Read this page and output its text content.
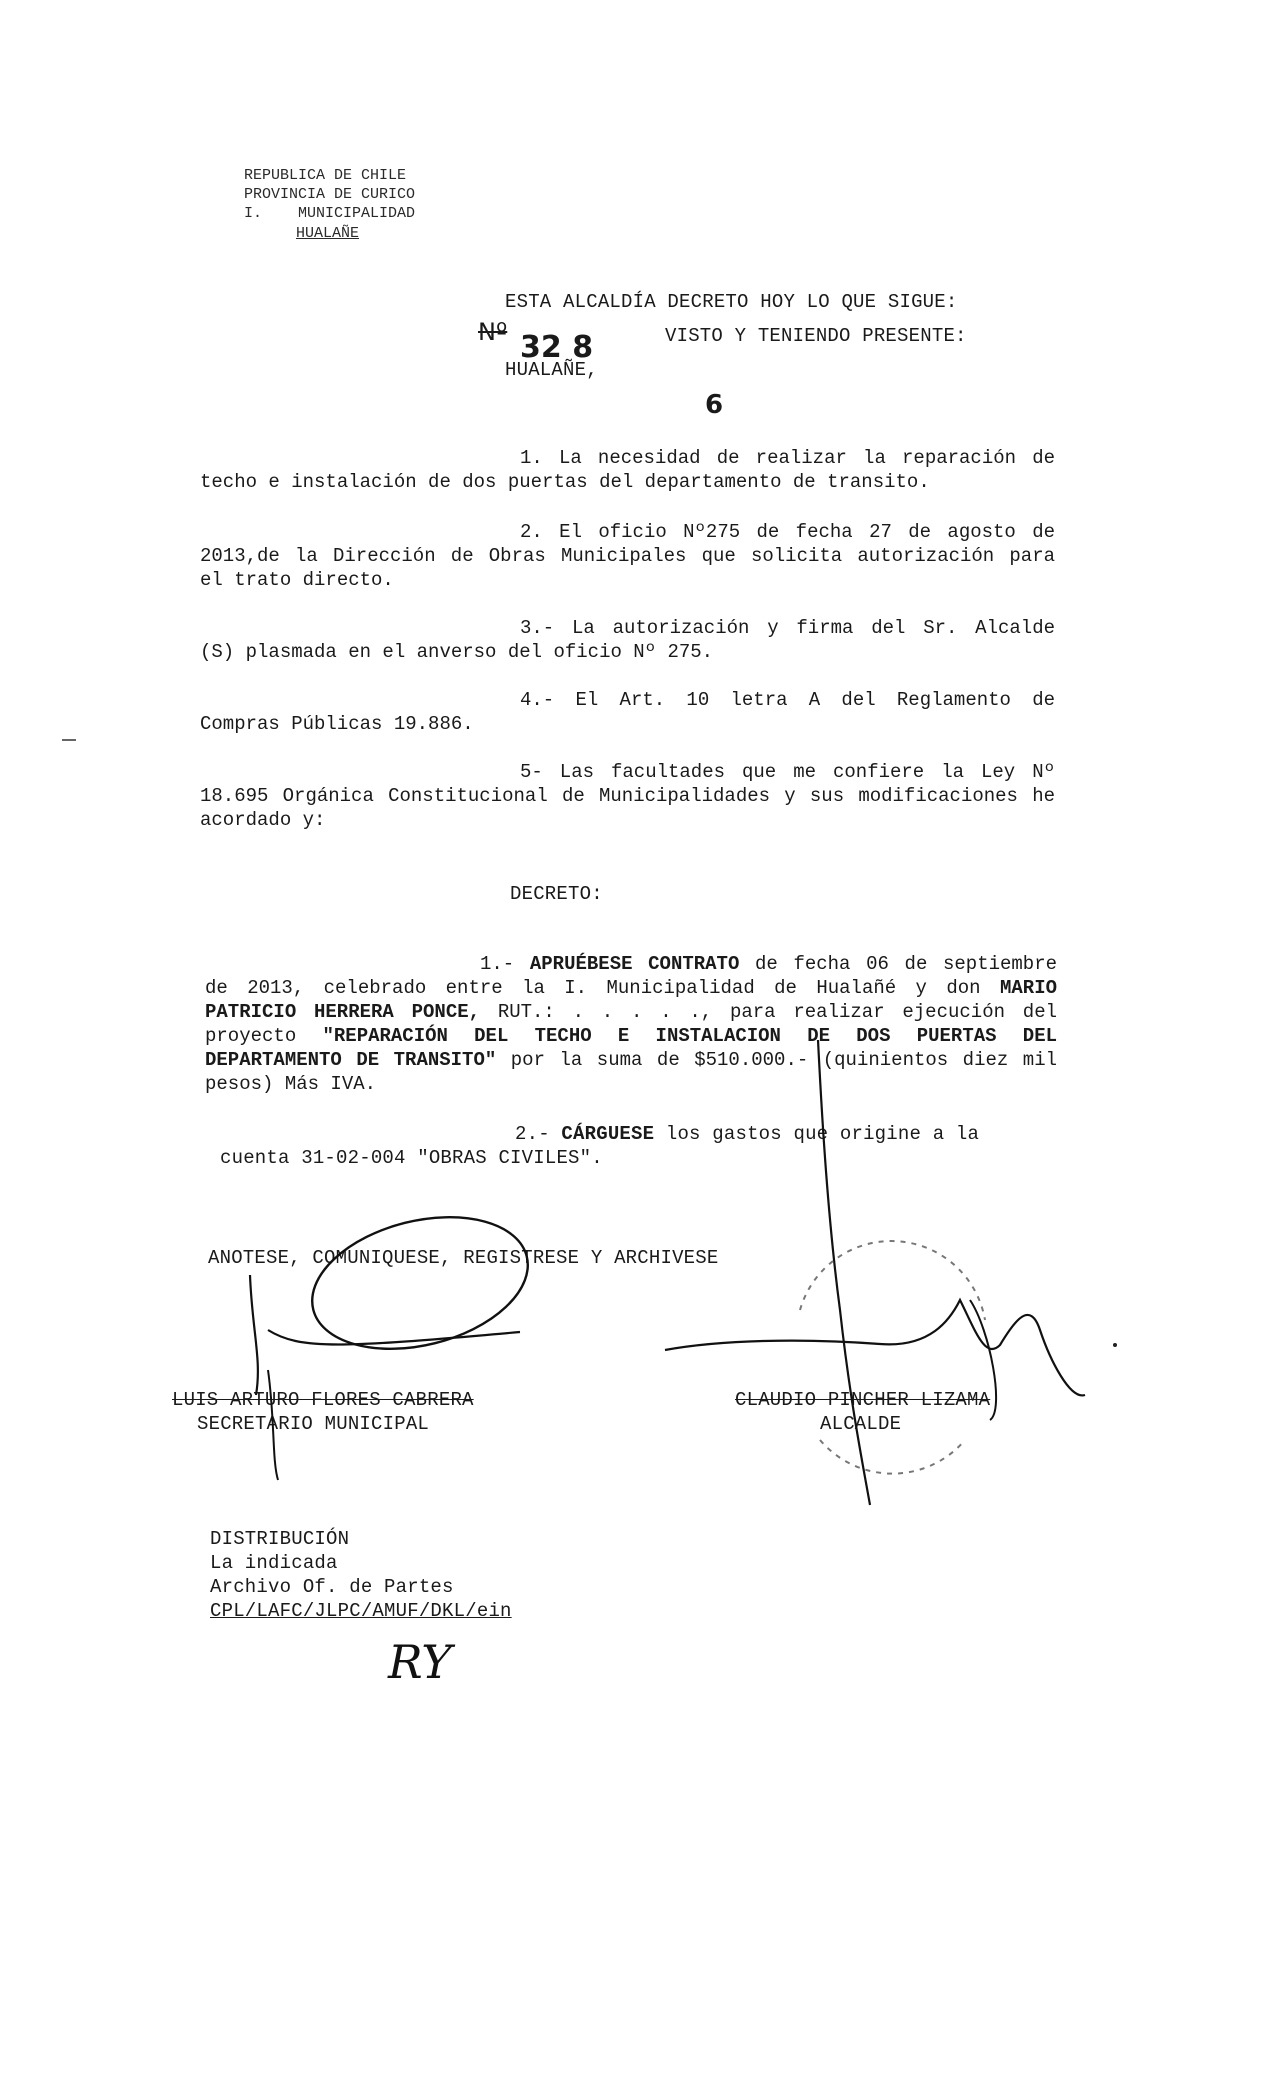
REPUBLICA DE CHILE
PROVINCIA DE CURICO
I.    MUNICIPALIDAD
HUALAÑE
ESTA ALCALDÍA DECRETO HOY LO QUE SIGUE:
Nº 32 8
HUALAÑE,
VISTO Y TENIENDO PRESENTE:
6

1. La necesidad de realizar la reparación de techo e instalación de dos puertas del departamento de transito.

2. El oficio Nº275 de fecha 27 de agosto de 2013,de la Dirección de Obras Municipales que solicita autorización para el trato directo.

3.- La autorización y firma del Sr. Alcalde (S) plasmada en el anverso del oficio Nº 275.

4.- El Art. 10 letra A del Reglamento de Compras Públicas 19.886.

5- Las facultades que me confiere la Ley Nº 18.695 Orgánica Constitucional de Municipalidades y sus modificaciones he acordado y:

DECRETO:

1.- APRUÉBESE CONTRATO de fecha 06 de septiembre de 2013, celebrado entre la I. Municipalidad de Hualañé y don MARIO PATRICIO HERRERA PONCE, RUT.: . . . . ., para realizar ejecución del proyecto "REPARACIÓN DEL TECHO E INSTALACION DE DOS PUERTAS DEL DEPARTAMENTO DE TRANSITO" por la suma de $510.000.- (quinientos diez mil pesos) Más IVA.

2.- CÁRGUESE los gastos que origine a la
cuenta 31-02-004 "OBRAS CIVILES".
ANOTESE, COMUNIQUESE, REGISTRESE Y ARCHIVESE
LUIS ARTURO FLORES CABRERA
SECRETARIO MUNICIPAL
CLAUDIO PINCHER LIZAMA
ALCALDE
DISTRIBUCIÓN
La indicada
Archivo Of. de Partes
CPL/LAFC/JLPC/AMUF/DKL/ein
RY
